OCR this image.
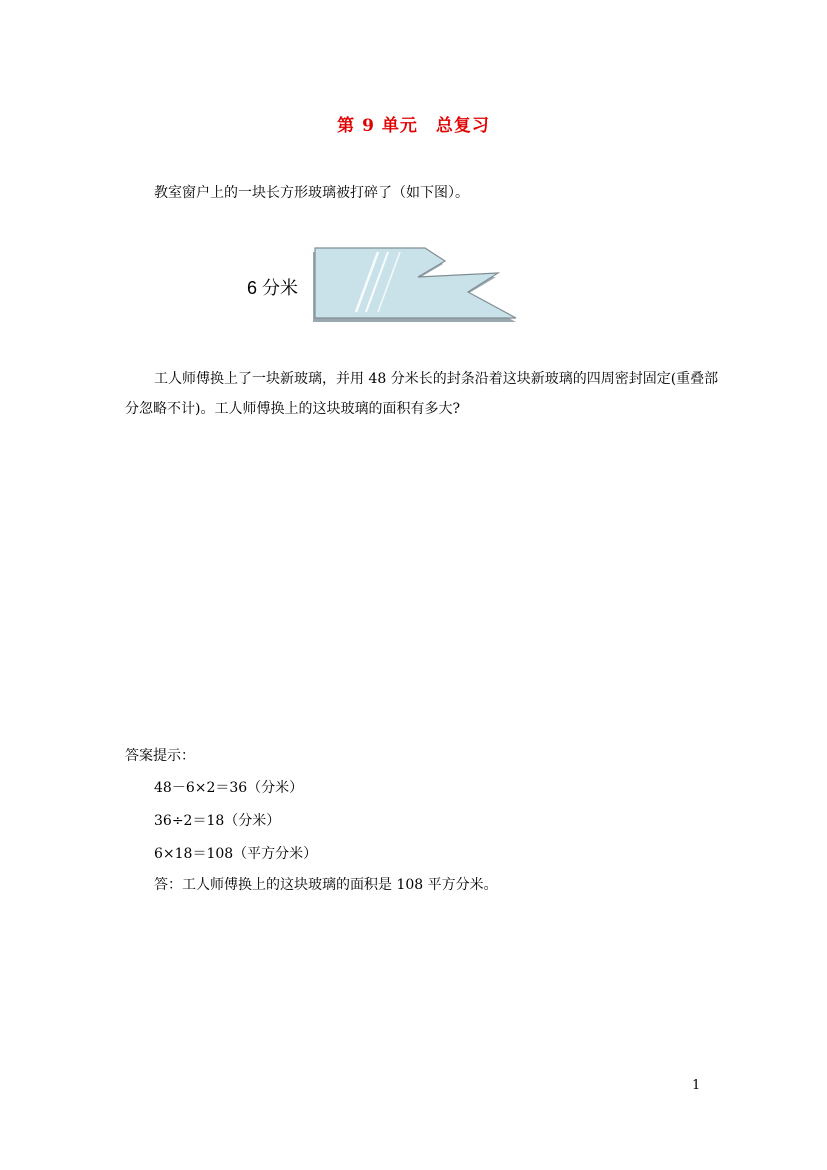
第 9 单元　总复习
教室窗户上的一块长方形玻璃被打碎了（如下图）。
6 分米
工人师傅换上了一块新玻璃，并用 48 分米长的封条沿着这块新玻璃的四周密封固定(重叠部分忽略不计)。工人师傅换上的这块玻璃的面积有多大?
答案提示：
48－6×2＝36（分米）
36÷2＝18（分米）
6×18＝108（平方分米）
答：工人师傅换上的这块玻璃的面积是 108 平方分米。
1
